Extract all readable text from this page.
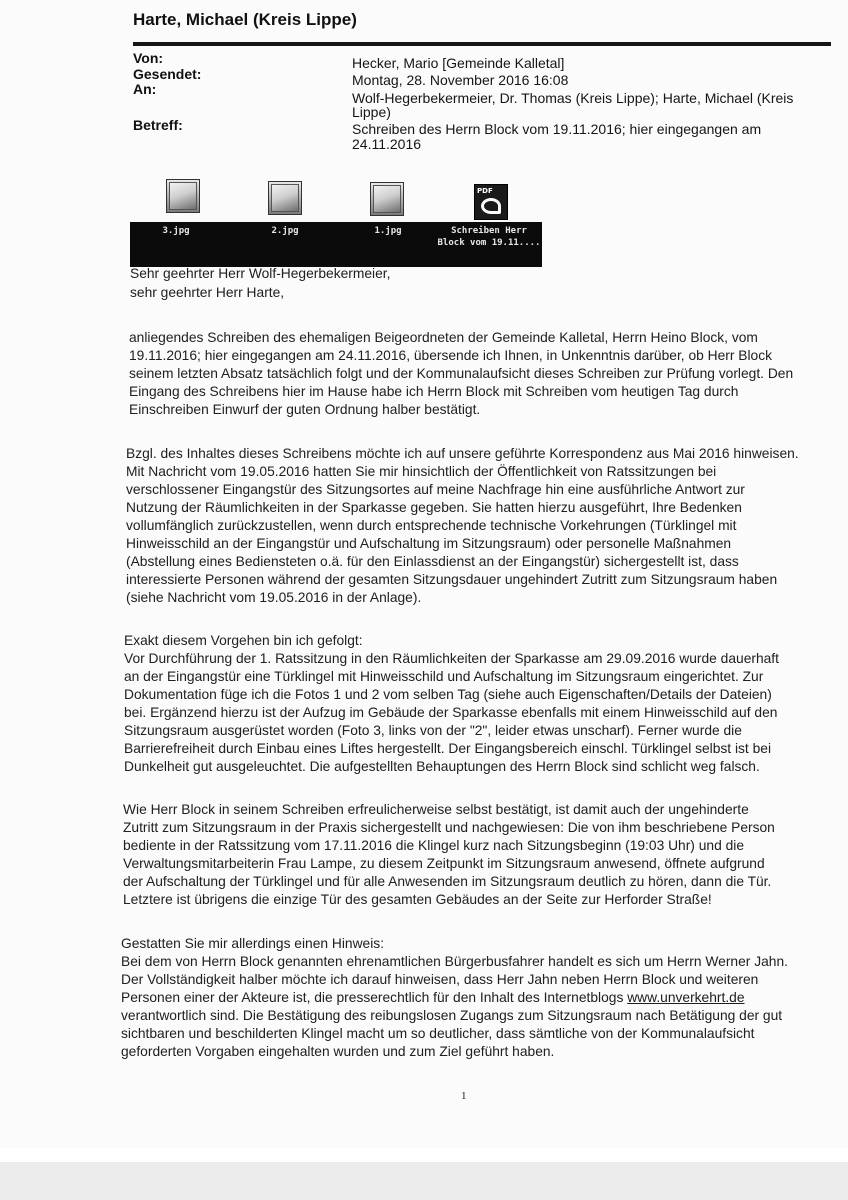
Harte, Michael (Kreis Lippe)
Von:	Hecker, Mario [Gemeinde Kalletal]
Gesendet:	Montag, 28. November 2016 16:08
An:
Wolf-Hegerbekermeier, Dr. Thomas (Kreis Lippe); Harte, Michael (Kreis
Lippe)
Betreff:	Schreiben des Herrn Block vom 19.11.2016; hier eingegangen am
24.11.2016
PDF
3.jpg	2.jpg	1.jpg	Schreiben Herr
Block vom 19.11....

Sehr geehrter Herr Wolf-Hegerbekermeier,

sehr geehrter Herr Harte,

anliegendes Schreiben des ehemaligen Beigeordneten der Gemeinde Kalletal, Herrn Heino Block, vom

19.11.2016; hier eingegangen am 24.11.2016, übersende ich Ihnen, in Unkenntnis darüber, ob Herr Block

seinem letzten Absatz tatsächlich folgt und der Kommunalaufsicht dieses Schreiben zur Prüfung vorlegt. Den

Eingang des Schreibens hier im Hause habe ich Herrn Block mit Schreiben vom heutigen Tag durch

Einschreiben Einwurf der guten Ordnung halber bestätigt.

Bzgl. des Inhaltes dieses Schreibens möchte ich auf unsere geführte Korrespondenz aus Mai 2016 hinweisen.

Mit Nachricht vom 19.05.2016 hatten Sie mir hinsichtlich der Öffentlichkeit von Ratssitzungen bei

verschlossener Eingangstür des Sitzungsortes auf meine Nachfrage hin eine ausführliche Antwort zur

Nutzung der Räumlichkeiten in der Sparkasse gegeben. Sie hatten hierzu ausgeführt, Ihre Bedenken

vollumfänglich zurückzustellen, wenn durch entsprechende technische Vorkehrungen (Türklingel mit

Hinweisschild an der Eingangstür und Aufschaltung im Sitzungsraum) oder personelle Maßnahmen

(Abstellung eines Bediensteten o.ä. für den Einlassdienst an der Eingangstür) sichergestellt ist, dass

interessierte Personen während der gesamten Sitzungsdauer ungehindert Zutritt zum Sitzungsraum haben

(siehe Nachricht vom 19.05.2016 in der Anlage).

Exakt diesem Vorgehen bin ich gefolgt:

Vor Durchführung der 1. Ratssitzung in den Räumlichkeiten der Sparkasse am 29.09.2016 wurde dauerhaft

an der Eingangstür eine Türklingel mit Hinweisschild und Aufschaltung im Sitzungsraum eingerichtet. Zur

Dokumentation füge ich die Fotos 1 und 2 vom selben Tag (siehe auch Eigenschaften/Details der Dateien)

bei. Ergänzend hierzu ist der Aufzug im Gebäude der Sparkasse ebenfalls mit einem Hinweisschild auf den

Sitzungsraum ausgerüstet worden (Foto 3, links von der "2", leider etwas unscharf). Ferner wurde die

Barrierefreiheit durch Einbau eines Liftes hergestellt. Der Eingangsbereich einschl. Türklingel selbst ist bei

Dunkelheit gut ausgeleuchtet. Die aufgestellten Behauptungen des Herrn Block sind schlicht weg falsch.

Wie Herr Block in seinem Schreiben erfreulicherweise selbst bestätigt, ist damit auch der ungehinderte

Zutritt zum Sitzungsraum in der Praxis sichergestellt und nachgewiesen: Die von ihm beschriebene Person

bediente in der Ratssitzung vom 17.11.2016 die Klingel kurz nach Sitzungsbeginn (19:03 Uhr) und die

Verwaltungsmitarbeiterin Frau Lampe, zu diesem Zeitpunkt im Sitzungsraum anwesend, öffnete aufgrund

der Aufschaltung der Türklingel und für alle Anwesenden im Sitzungsraum deutlich zu hören, dann die Tür.

Letztere ist übrigens die einzige Tür des gesamten Gebäudes an der Seite zur Herforder Straße!

Gestatten Sie mir allerdings einen Hinweis:

Bei dem von Herrn Block genannten ehrenamtlichen Bürgerbusfahrer handelt es sich um Herrn Werner Jahn.

Der Vollständigkeit halber möchte ich darauf hinweisen, dass Herr Jahn neben Herrn Block und weiteren

Personen einer der Akteure ist, die presserechtlich für den Inhalt des Internetblogs www.unverkehrt.de

verantwortlich sind. Die Bestätigung des reibungslosen Zugangs zum Sitzungsraum nach Betätigung der gut

sichtbaren und beschilderten Klingel macht um so deutlicher, dass sämtliche von der Kommunalaufsicht

geforderten Vorgaben eingehalten wurden und zum Ziel geführt haben.

1
